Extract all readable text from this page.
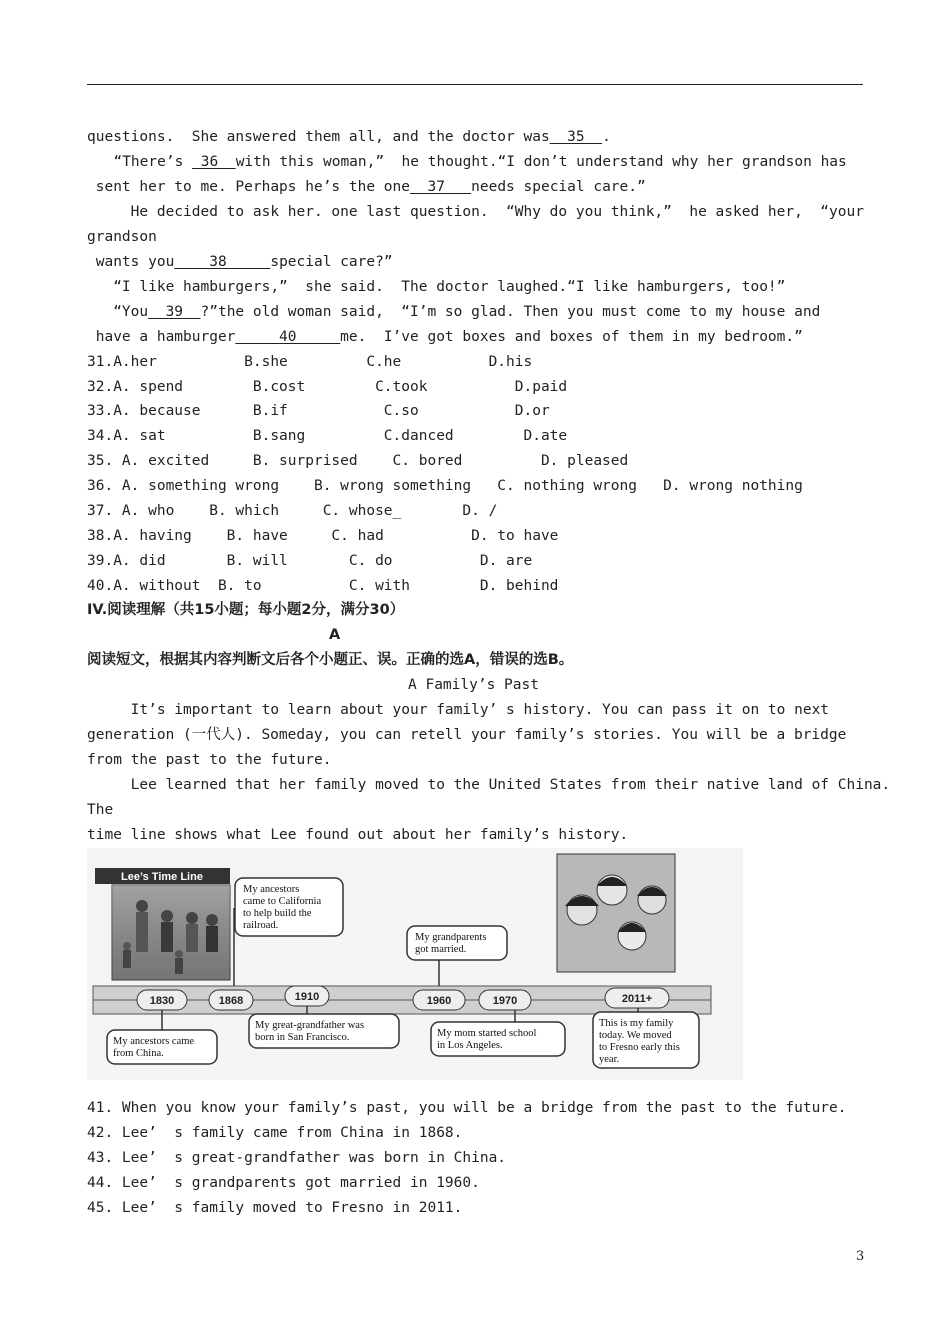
questions.  She answered them all, and the doctor was  35  .
“There’s  36  with this woman,”  he thought.“I don’t understand why her grandson has
sent her to me. Perhaps he’s the one  37   needs special care.”
He decided to ask her. one last question.  “Why do you think,”  he asked her,  “your
grandson
wants you    38     special care?”
“I like hamburgers,”  she said.  The doctor laughed.“I like hamburgers, too!”
“You  39  ?”the old woman said,  “I’m so glad. Then you must come to my house and
have a hamburger     40     me.  I’ve got boxes and boxes of them in my bedroom.”
31.A.her          B.she         C.he          D.his
32.A. spend        B.cost        C.took          D.paid
33.A. because      B.if           C.so           D.or
34.A. sat          B.sang         C.danced        D.ate
35. A. excited     B. surprised    C. bored         D. pleased
36. A. something wrong    B. wrong something   C. nothing wrong   D. wrong nothing
37. A. who    B. which     C. whose_       D. /
38.A. having    B. have     C. had          D. to have
39.A. did       B. will       C. do          D. are
40.A. without  B. to          C. with        D. behind
IV.阅读理解（共15小题；每小题2分，满分30）
A
阅读短文，根据其内容判断文后各个小题正、误。正确的选A，错误的选B。
A Family’s Past
It’s important to learn about your family’ s history. You can pass it on to next
generation (一代人). Someday, you can retell your family’s stories. You will be a bridge
from the past to the future.
Lee learned that her family moved to the United States from their native land of China.
The
time line shows what Lee found out about her family’s history.
Lee’s Time Line
1830	1868	1910	1960	1970	2011+
My ancestors
came to California
to help build the
railroad.
My grandparents
got married.
My ancestors came
from China.
My great-grandfather was
born in San Francisco.	My mom started school
in Los Angeles.
This is my family
today. We moved
to Fresno early this
year.
41. When you know your family’s past, you will be a bridge from the past to the future.
42. Lee’  s family came from China in 1868.
43. Lee’  s great-grandfather was born in China.
44. Lee’  s grandparents got married in 1960.
45. Lee’  s family moved to Fresno in 2011.
3
